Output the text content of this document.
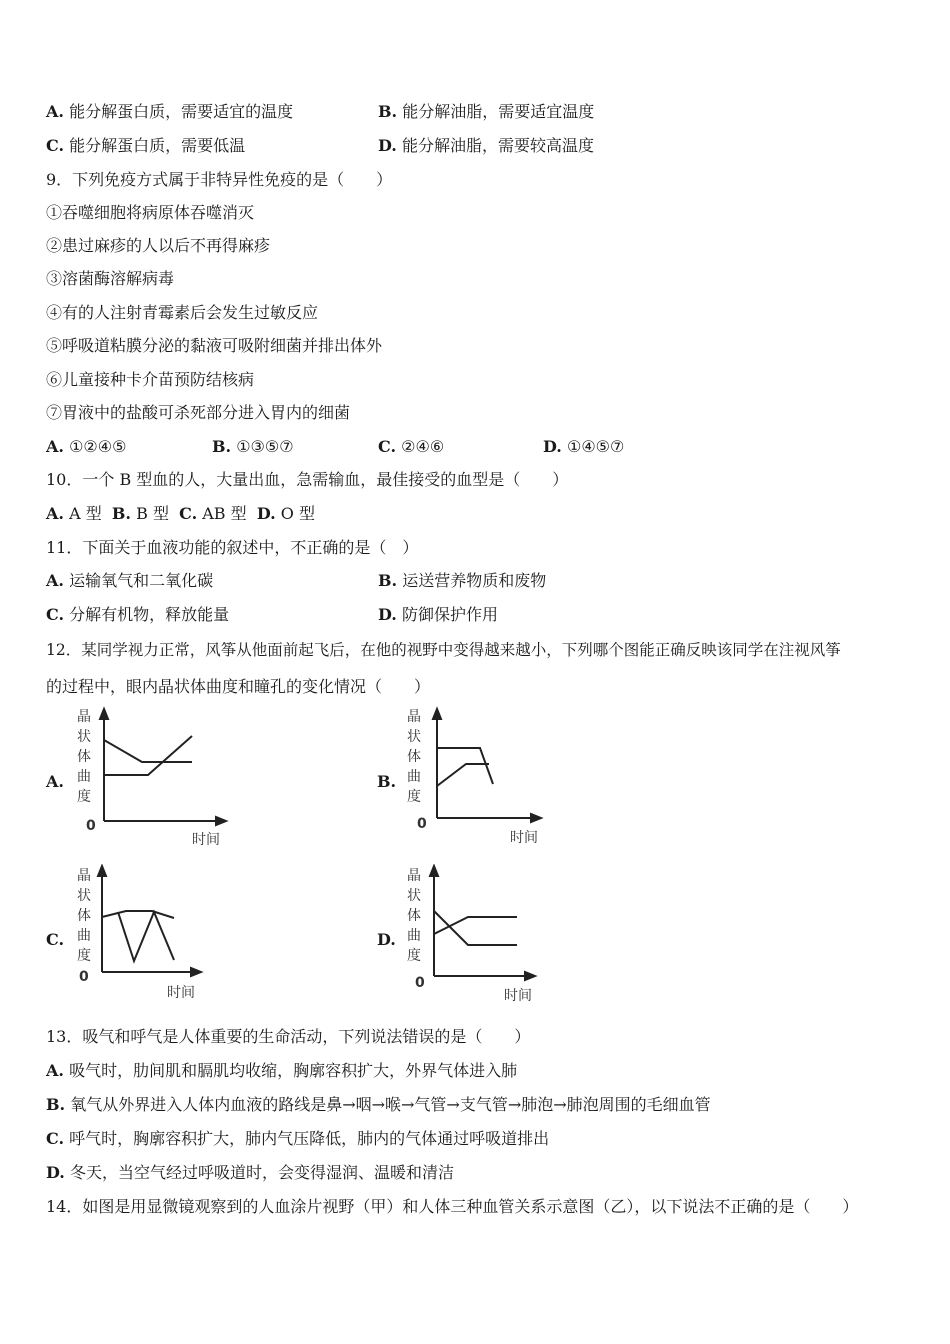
A. 能分解蛋白质，需要适宜的温度	B. 能分解油脂，需要适宜温度
C. 能分解蛋白质，需要低温	D. 能分解油脂，需要较高温度
9．下列免疫方式属于非特异性免疫的是（　　）
①吞噬细胞将病原体吞噬消灭
②患过麻疹的人以后不再得麻疹
③溶菌酶溶解病毒
④有的人注射青霉素后会发生过敏反应
⑤呼吸道粘膜分泌的黏液可吸附细菌并排出体外
⑥儿童接种卡介苗预防结核病
⑦胃液中的盐酸可杀死部分进入胃内的细菌
A. ①②④⑤	B. ①③⑤⑦	C. ②④⑥	D. ①④⑤⑦
10．一个 B 型血的人，大量出血，急需输血，最佳接受的血型是（　　）
A. A 型 B. B 型 C. AB 型 D. O 型
11．下面关于血液功能的叙述中，不正确的是（　）
A. 运输氧气和二氧化碳	B. 运送营养物质和废物
C. 分解有机物，释放能量	D. 防御保护作用
12．某同学视力正常，风筝从他面前起飞后，在他的视野中变得越来越小，下列哪个图能正确反映该同学在注视风筝
的过程中，眼内晶状体曲度和瞳孔的变化情况（　　）
A.	B.
C.	D.
晶
状
体
曲
度
0
时间
晶
状
体
曲
度
0
时间
晶
状
体
曲
度
0
时间
晶
状
体
曲
度
0
时间
13．吸气和呼气是人体重要的生命活动，下列说法错误的是（　　）
A. 吸气时，肋间肌和膈肌均收缩，胸廓容积扩大，外界气体进入肺
B. 氧气从外界进入人体内血液的路线是鼻→咽→喉→气管→支气管→肺泡→肺泡周围的毛细血管
C. 呼气时，胸廓容积扩大，肺内气压降低，肺内的气体通过呼吸道排出
D. 冬天，当空气经过呼吸道时，会变得湿润、温暖和清洁
14．如图是用显微镜观察到的人血涂片视野（甲）和人体三种血管关系示意图（乙），以下说法不正确的是（　　）
